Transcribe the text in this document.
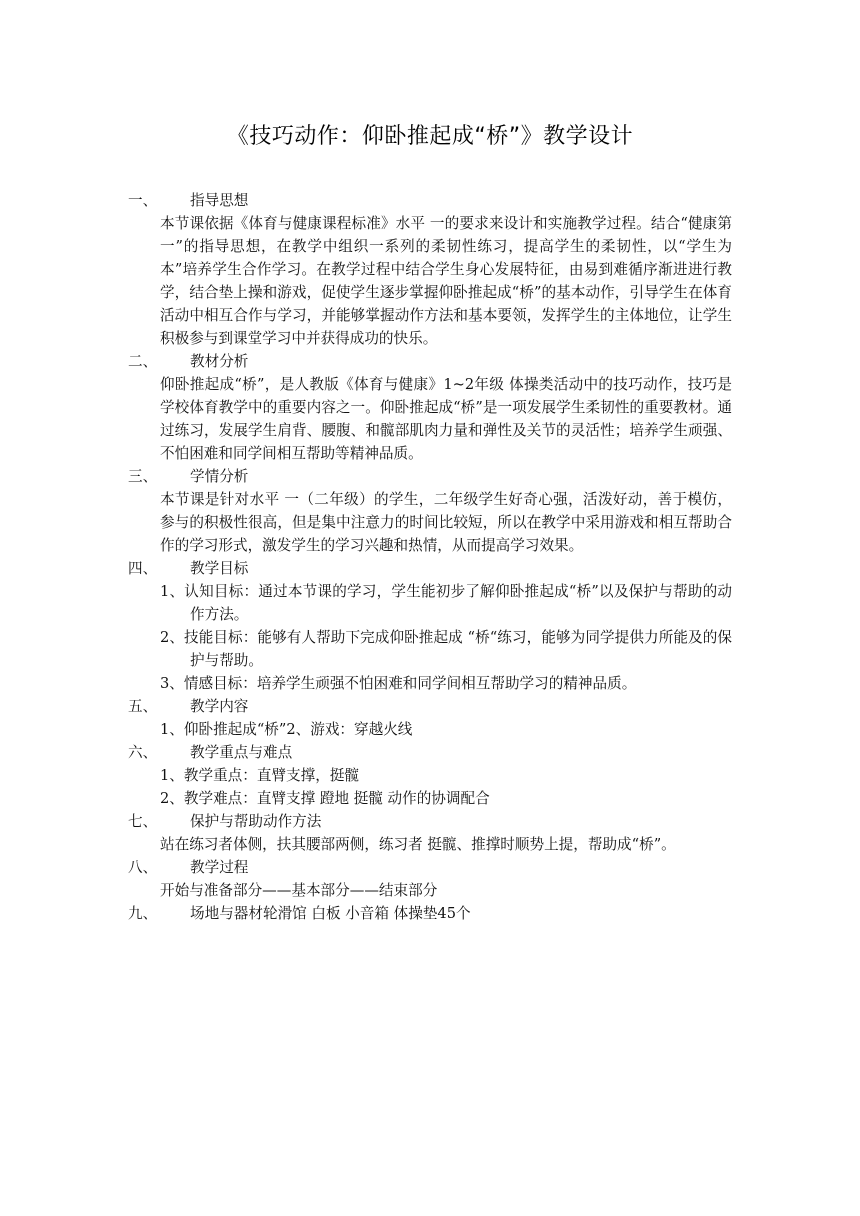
《技巧动作：仰卧推起成“桥”》教学设计
一、 指导思想
本节课依据《体育与健康课程标准》水平 一的要求来设计和实施教学过程。结合“健康第一”的指导思想，在教学中组织一系列的柔韧性练习，提高学生的柔韧性，以“学生为本”培养学生合作学习。在教学过程中结合学生身心发展特征，由易到难循序渐进进行教学，结合垫上操和游戏，促使学生逐步掌握仰卧推起成“桥”的基本动作，引导学生在体育活动中相互合作与学习，并能够掌握动作方法和基本要领，发挥学生的主体地位，让学生积极参与到课堂学习中并获得成功的快乐。
二、 教材分析
仰卧推起成“桥”，是人教版《体育与健康》1~2年级 体操类活动中的技巧动作，技巧是学校体育教学中的重要内容之一。仰卧推起成“桥”是一项发展学生柔韧性的重要教材。通过练习，发展学生肩背、腰腹、和髋部肌肉力量和弹性及关节的灵活性；培养学生顽强、不怕困难和同学间相互帮助等精神品质。
三、 学情分析
本节课是针对水平 一（二年级）的学生，二年级学生好奇心强，活泼好动，善于模仿，参与的积极性很高，但是集中注意力的时间比较短，所以在教学中采用游戏和相互帮助合作的学习形式，激发学生的学习兴趣和热情，从而提高学习效果。
四、 教学目标
1、认知目标：通过本节课的学习，学生能初步了解仰卧推起成“桥”以及保护与帮助的动作方法。
2、技能目标：能够有人帮助下完成仰卧推起成 “桥“练习，能够为同学提供力所能及的保护与帮助。
3、情感目标：培养学生顽强不怕困难和同学间相互帮助学习的精神品质。
五、 教学内容
1、仰卧推起成“桥”2、游戏：穿越火线
六、 教学重点与难点
1、教学重点：直臂支撑，挺髋
2、教学难点：直臂支撑 蹬地 挺髋 动作的协调配合
七、 保护与帮助动作方法
站在练习者体侧，扶其腰部两侧，练习者 挺髋、推撑时顺势上提，帮助成“桥”。
八、 教学过程
开始与准备部分——基本部分——结束部分
九、 场地与器材轮滑馆 白板 小音箱 体操垫45个
